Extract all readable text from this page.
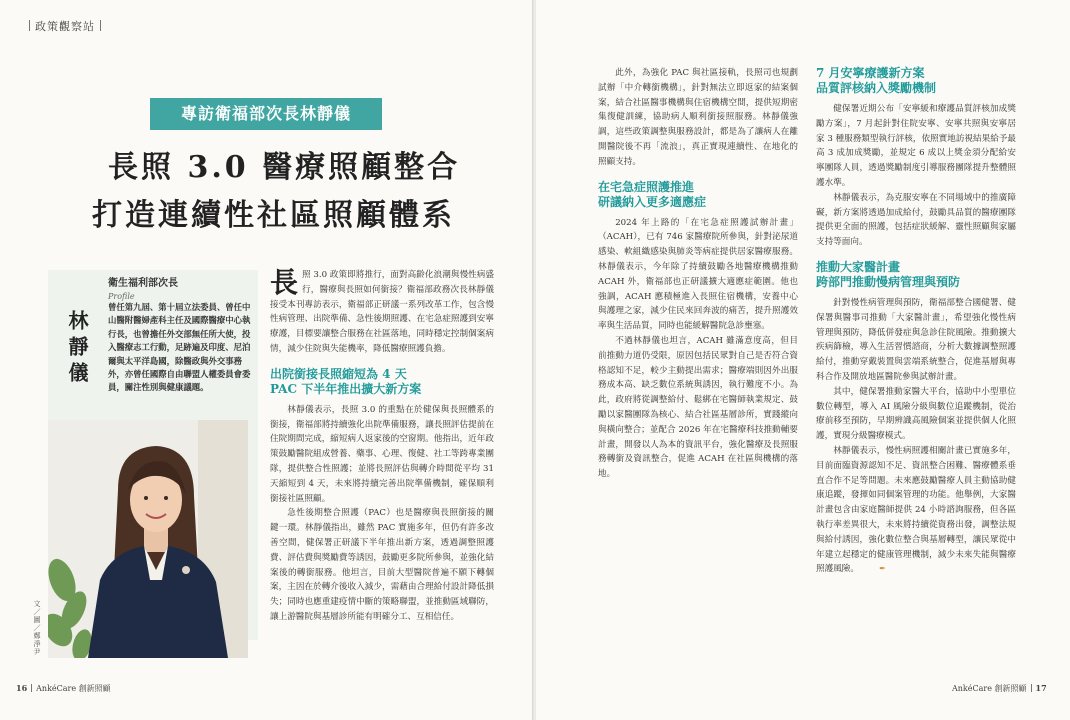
政策觀察站
專訪衛福部次長林靜儀
長照 3.0 醫療照顧整合
打造連續性社區照顧體系
林靜儀
衛生福利部次長
Profile
曾任第九屆、第十屆立法委員、曾任中山醫附醫婦產科主任及國際醫療中心執行長，也曾擔任外交部無任所大使，投入醫療志工行動，足跡遍及印度、尼泊爾與太平洋島國，除醫政與外交事務外，亦曾任國際自由聯盟人權委員會委員，關注性別與健康議題。
文／圖／鄭淨尹

長照 3.0 政策即將推行，面對高齡化浪潮與慢性病盛行，醫療與長照如何銜接？衛福部政務次長林靜儀接受本刊專訪表示，衛福部正研議一系列改革工作，包含慢性病管理、出院準備、急性後期照護、在宅急症照護到安寧療護，目標要讓整合服務在社區落地，同時穩定控制個案病情，減少住院與失能機率，降低醫療照護負擔。

出院銜接長照縮短為 4 天
PAC 下半年推出擴大新方案

林靜儀表示，長照 3.0 的重點在於健保與長照體系的銜接，衛福部將持續強化出院準備服務，讓長照評估提前在住院期間完成，縮短病人返家後的空窗期。他指出，近年政策鼓勵醫院組成營養、藥事、心理、復健、社工等跨專業團隊，提供整合性照護；並將長照評估與轉介時間從平均 31 天縮短到 4 天，未來將持續完善出院準備機制，確保順利銜接社區照顧。

急性後期整合照護（PAC）也是醫療與長照銜接的關鍵一環。林靜儀指出，雖然 PAC 實施多年，但仍有許多改善空間，健保署正研議下半年推出新方案，透過調整照護費、評估費與獎勵費等誘因，鼓勵更多院所參與，並強化結案後的轉銜服務。他坦言，目前大型醫院普遍不願下轉個案，主因在於轉介後收入減少，需藉由合理給付設計降低損失；同時也應重建疫情中斷的策略聯盟，並推動區域聯防，讓上游醫院與基層診所能有明確分工、互相信任。

16 AnkéCare 創新照顧

此外，為強化 PAC 與社區接軌，長照司也規劃試辦「中介轉銜機構」，針對無法立即返家的結案個案，結合社區醫事機構與住宿機構空間，提供短期密集復健訓練，協助病人順利銜接照服務。林靜儀強調，這些政策調整與服務設計，都是為了讓病人在離開醫院後不再「流浪」，真正實現連續性、在地化的照顧支持。

在宅急症照護推進
研議納入更多適應症

2024 年上路的「在宅急症照護試辦計畫」（ACAH），已有 746 家醫療院所參與，針對泌尿道感染、軟組織感染與肺炎等病症提供居家醫療服務。林靜儀表示，今年除了持續鼓勵各地醫療機構推動 ACAH 外，衛福部也正研議擴大適應症範圍。他也強調，ACAH 應積極進入長照住宿機構，安養中心與護理之家，減少住民來回奔波的痛苦，提升照護效率與生活品質，同時也能緩解醫院急診壅塞。

不過林靜儀也坦言，ACAH 雖滿意度高，但目前推動力道仍受限，原因包括民眾對自己是否符合資格認知不足，較少主動提出需求；醫療端則因外出服務成本高、缺乏數位系統與誘因，執行難度不小。為此，政府將從調整給付、鬆綁在宅醫師執業規定、鼓勵以家醫團隊為核心、結合社區基層診所，實踐縱向與橫向整合；並配合 2026 年在宅醫療科技推動輔要計畫，開發以人為本的資訊平台，強化醫療及長照服務轉銜及資訊整合，促進 ACAH 在社區與機構的落地。

7 月安寧療護新方案
品質評核納入獎勵機制

健保署近期公布「安寧緩和療護品質評核加成獎勵方案」，7 月起針對住院安寧、安寧共照與安寧居家 3 種服務類型執行評核，依照實地訪視結果給予最高 3 成加成獎勵，並規定 6 成以上獎金須分配給安寧團隊人員，透過獎勵制度引導服務團隊提升整體照護水準。

林靜儀表示，為克服安寧在不同場域中的推廣障礙，新方案將透過加成給付，鼓勵具品質的醫療團隊提供更全面的照護，包括症狀緩解、靈性照顧與家屬支持等面向。

推動大家醫計畫
跨部門推動慢病管理與預防

針對慢性病管理與預防，衛福部整合國健署、健保署與醫事司推動「大家醫計畫」，希望強化慢性病管理與預防，降低併發症與急診住院風險。推動擴大疾病篩檢，導入生活習慣諮商，分析大數據調整照護給付，推動穿戴裝置與雲端系統整合，促進基層與專科合作及開放地區醫院參與試辦計畫。

其中，健保署推動家醫大平台，協助中小型單位數位轉型，導入 AI 風險分級與數位追蹤機制，從治療前移至預防，早期辨識高風險個案並提供個人化照護，實現分級醫療模式。

林靜儀表示，慢性病照護相關計畫已實施多年，目前面臨資源認知不足、資訊整合困難、醫療體系垂直合作不足等問題。未來應鼓勵醫療人員主動協助健康追蹤，發揮如同個案管理的功能。他舉例，大家醫計畫包含由家庭醫師提供 24 小時諮詢服務，但各區執行率差異很大，未來將持續從資務出發，調整法規與給付誘因，強化數位整合與基層轉型，讓民眾從中年建立起穩定的健康管理機制，減少未來失能與醫療照護風險。	✒

AnkéCare 創新照顧 17
